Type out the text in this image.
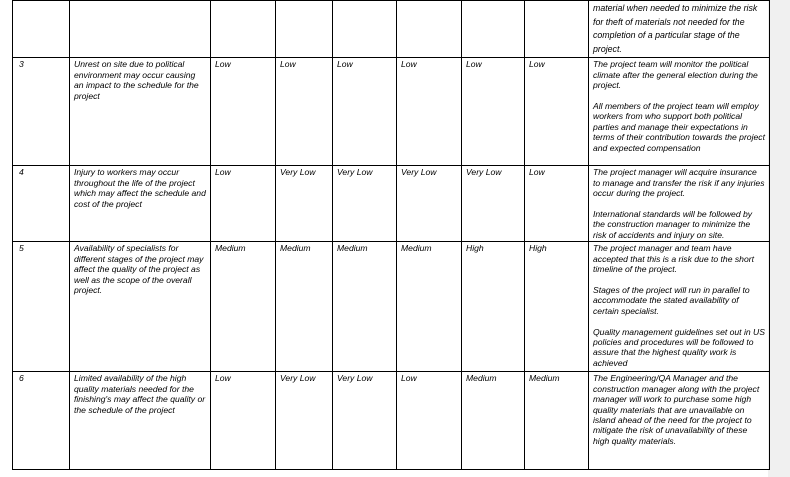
								material when needed to minimize the risk for theft of materials not needed for the completion of a particular stage of the project.

3	Unrest on site due to political environment may occur causing an impact to the schedule for the project	Low	Low	Low	Low	Low	Low	The project team will monitor the political climate after the general election during the project.

All members of the project team will employ workers from who support both political parties and manage their expectations in terms of their contribution towards the project and expected compensation

4	Injury to workers may occur throughout the life of the project which may affect the schedule and cost of the project	Low	Very Low	Very Low	Very Low	Very Low	Low	The project manager will acquire insurance to manage and transfer the risk if any injuries occur during the project.

International standards will be followed by the construction manager to minimize the risk of accidents and injury on site.

5	Availability of specialists for different stages of the project may affect the quality of the project as well as the scope of the overall project.	Medium	Medium	Medium	Medium	High	High	The project manager and team have accepted that this is a risk due to the short timeline of the project.

Stages of the project will run in parallel to accommodate the stated availability of certain specialist.

Quality management guidelines set out in US policies and procedures will be followed to assure that the highest quality work is achieved

6	Limited availability of the high quality materials needed for the finishing's may affect the quality or the schedule of the project	Low	Very Low	Very Low	Low	Medium	Medium	The Engineering/QA Manager and the construction manager along with the project manager will work to purchase some high quality materials that are unavailable on island ahead of the need for the project to mitigate the risk of unavailability of these high quality materials.
